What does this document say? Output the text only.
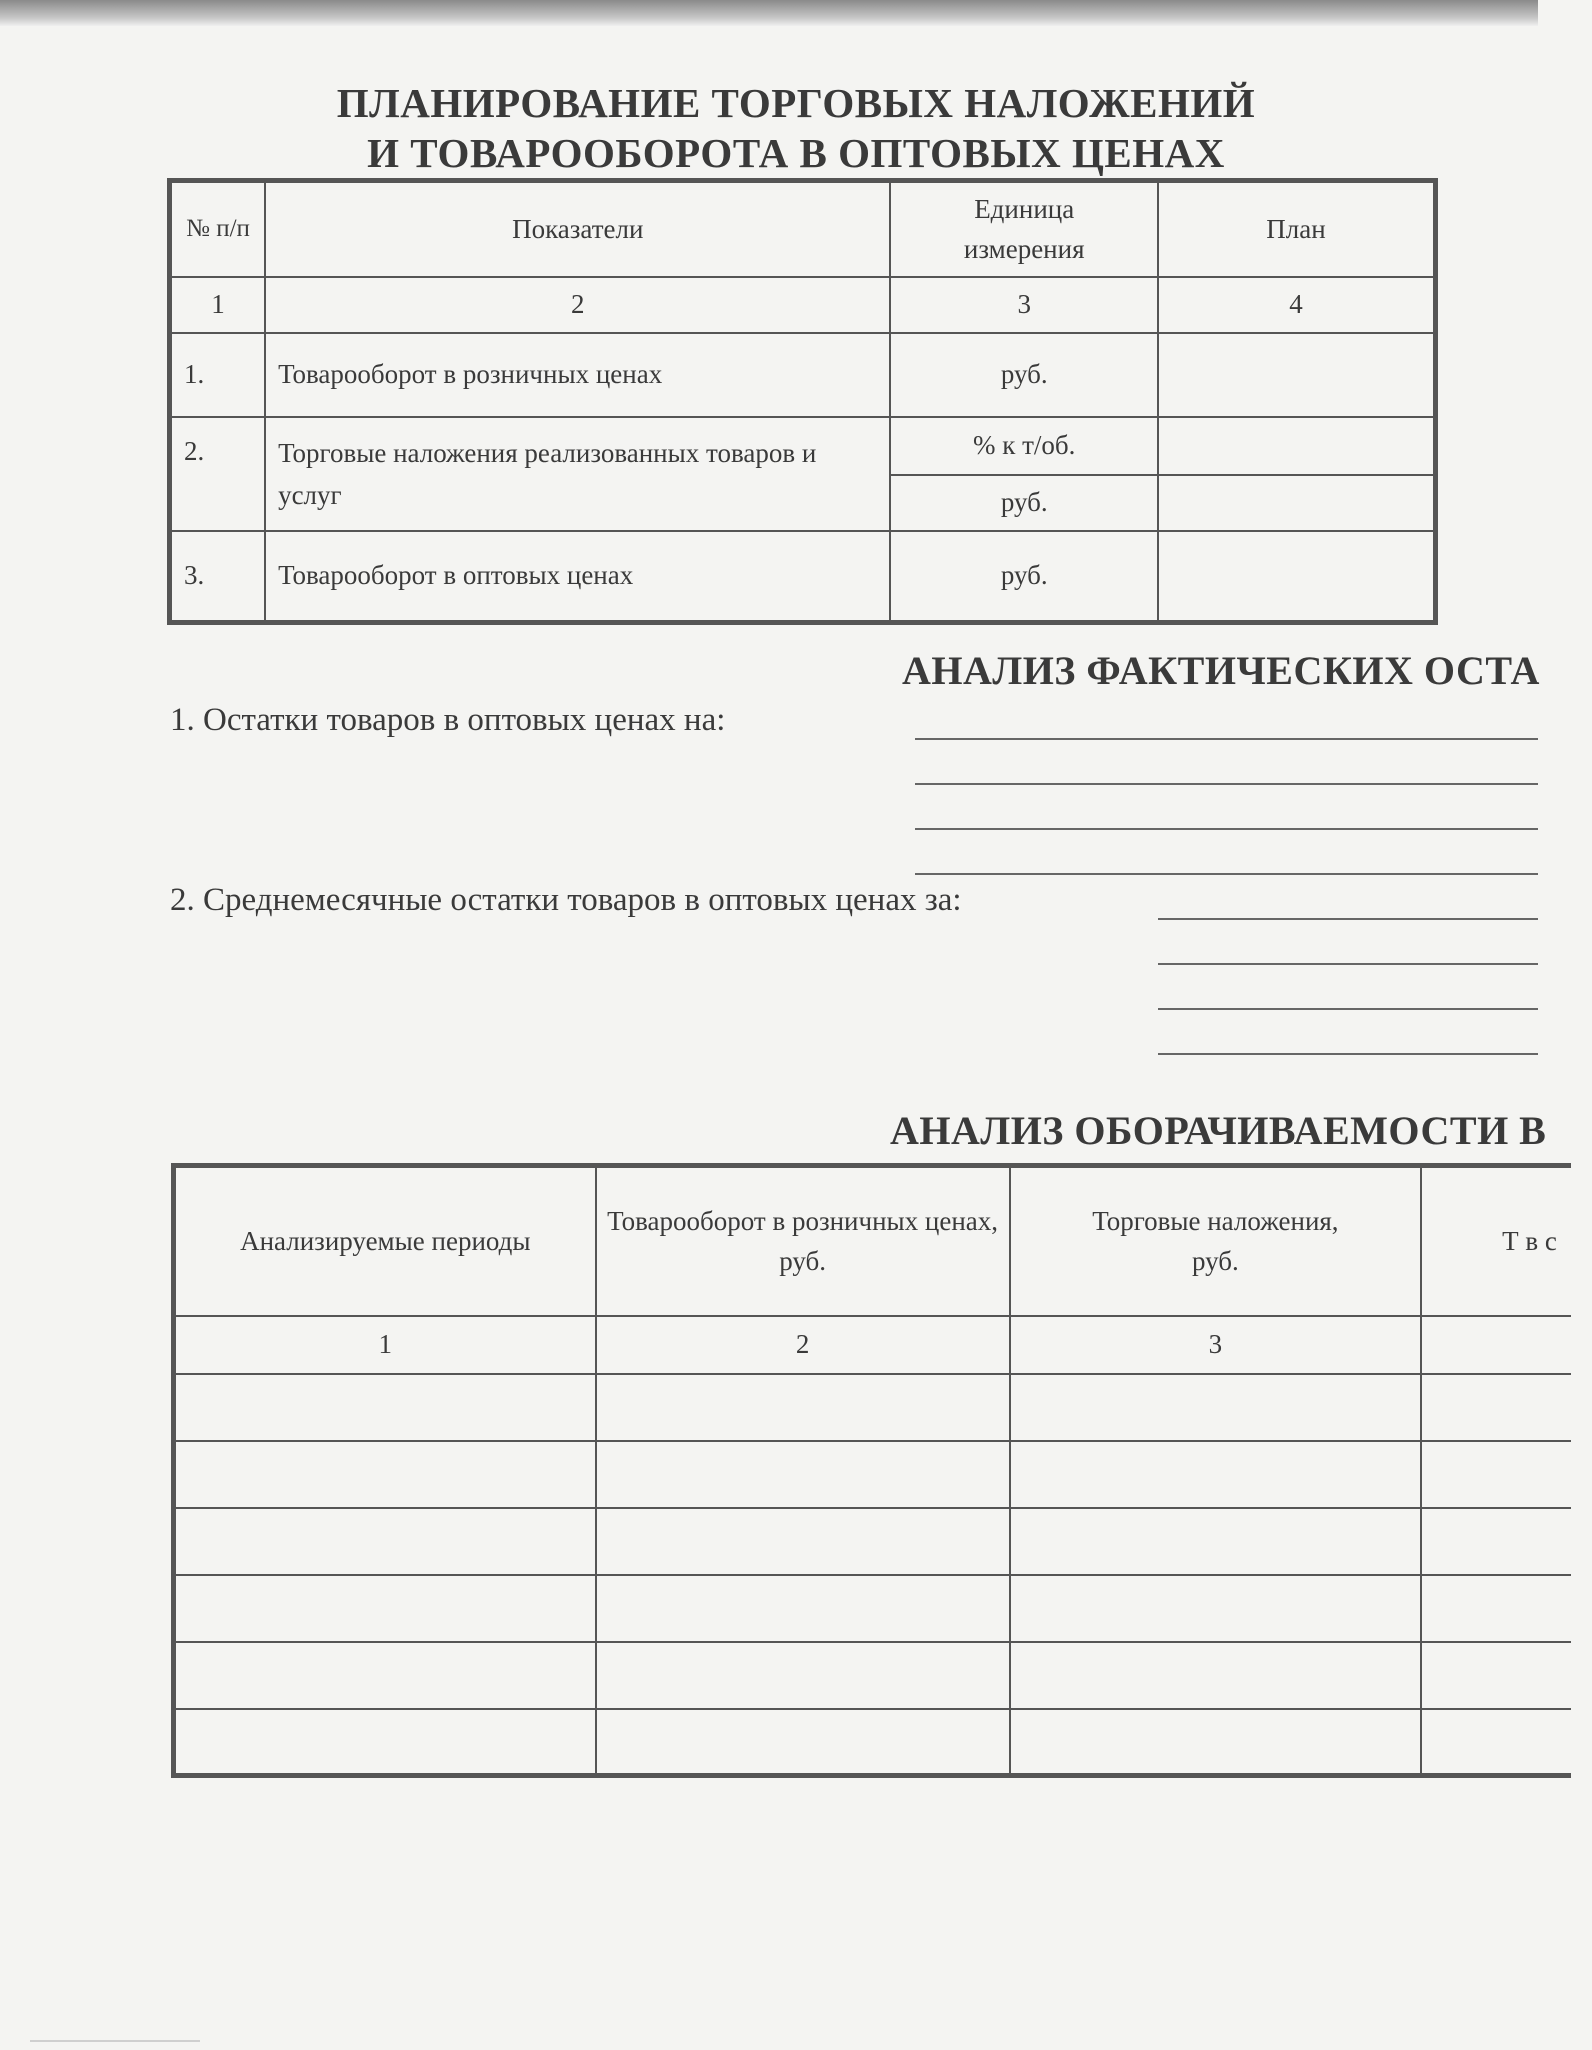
ПЛАНИРОВАНИЕ ТОРГОВЫХ НАЛОЖЕНИЙ
И ТОВАРООБОРОТА В ОПТОВЫХ ЦЕНАХ
№ п/п	Показатели	Единица измерения	План
1	2	3	4
1.	Товарооборот в розничных ценах	руб.	
2.	Торговые наложения реализованных товаров и услуг	% к т/об.	
		руб.	
3.	Товарооборот в оптовых ценах	руб.	
АНАЛИЗ ФАКТИЧЕСКИХ ОСТА
1. Остатки товаров в оптовых ценах на:
2. Среднемесячные остатки товаров в оптовых ценах за:
АНАЛИЗ ОБОРАЧИВАЕМОСТИ В
Анализируемые периоды	Товарооборот в розничных ценах, руб.	Торговые наложения, руб.	Т в с
1	2	3	
